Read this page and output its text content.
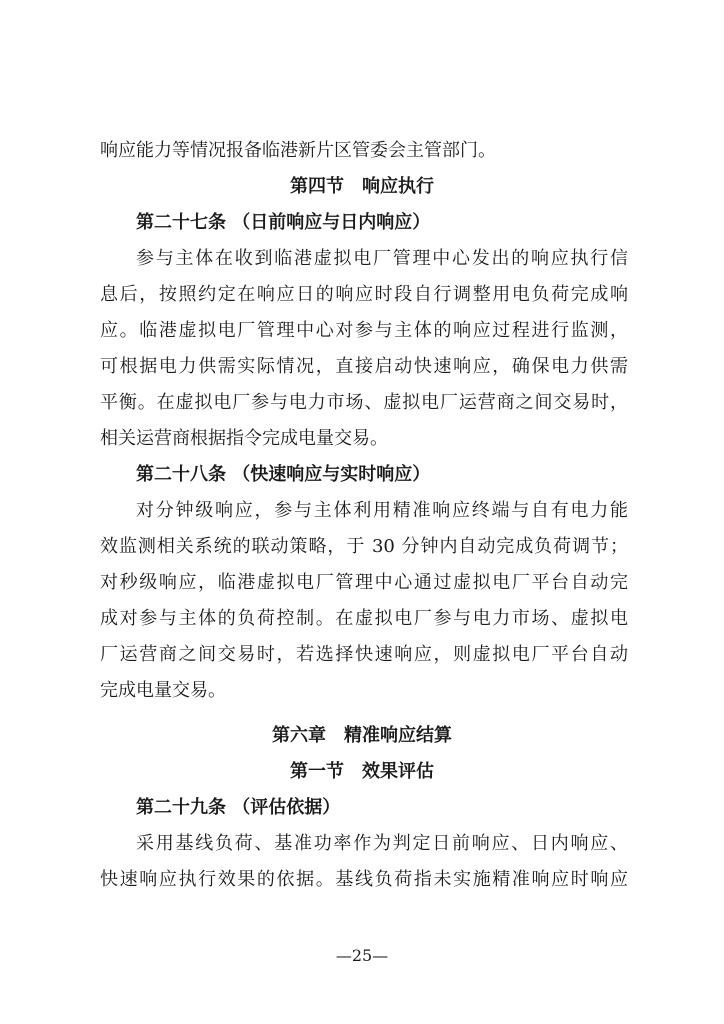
响应能力等情况报备临港新片区管委会主管部门。
第四节　响应执行
第二十七条 （日前响应与日内响应）
参与主体在收到临港虚拟电厂管理中心发出的响应执行信
息后，按照约定在响应日的响应时段自行调整用电负荷完成响
应。临港虚拟电厂管理中心对参与主体的响应过程进行监测，
可根据电力供需实际情况，直接启动快速响应，确保电力供需
平衡。在虚拟电厂参与电力市场、虚拟电厂运营商之间交易时，
相关运营商根据指令完成电量交易。
第二十八条 （快速响应与实时响应）
对分钟级响应，参与主体利用精准响应终端与自有电力能
效监测相关系统的联动策略，于 30 分钟内自动完成负荷调节；
对秒级响应，临港虚拟电厂管理中心通过虚拟电厂平台自动完
成对参与主体的负荷控制。在虚拟电厂参与电力市场、虚拟电
厂运营商之间交易时，若选择快速响应，则虚拟电厂平台自动
完成电量交易。
第六章　精准响应结算
第一节　效果评估
第二十九条 （评估依据）
采用基线负荷、基准功率作为判定日前响应、日内响应、
快速响应执行效果的依据。基线负荷指未实施精准响应时响应
—25—
